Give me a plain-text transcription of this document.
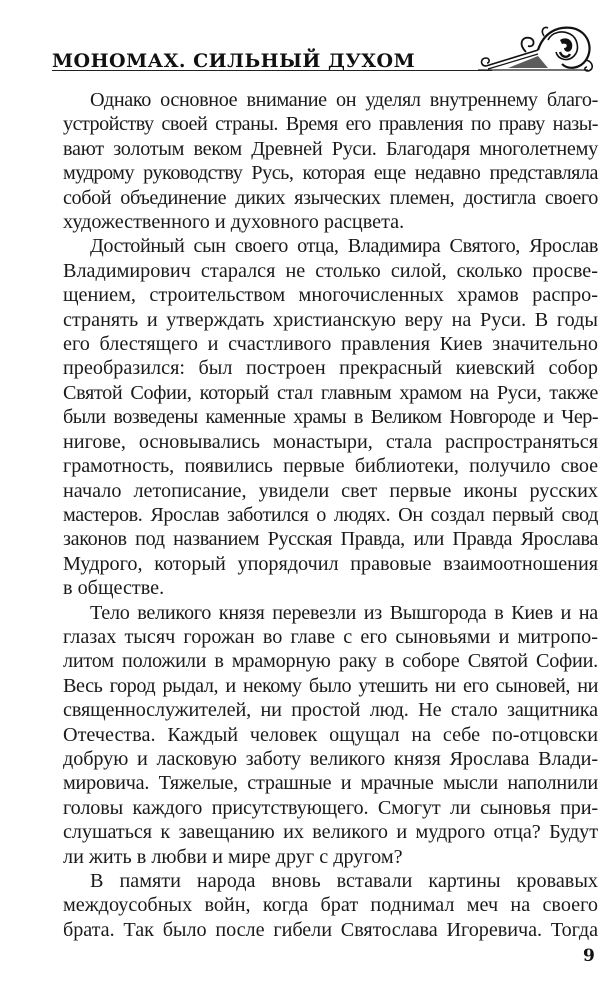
МОНОМАХ. СИЛЬНЫЙ ДУХОМ

Однако основное внимание он уделял внутреннему благо-
устройству своей страны. Время его правления по праву назы-
вают золотым веком Древней Руси. Благодаря многолетнему
мудрому руководству Русь, которая еще недавно представляла
собой объединение диких языческих племен, достигла своего
художественного и духовного расцвета.

Достойный сын своего отца, Владимира Святого, Ярослав
Владимирович старался не столько силой, сколько просве-
щением, строительством многочисленных храмов распро-
странять и утверждать христианскую веру на Руси. В годы
его блестящего и счастливого правления Киев значительно
преобразился: был построен прекрасный киевский собор
Святой Софии, который стал главным храмом на Руси, также
были возведены каменные храмы в Великом Новгороде и Чер-
нигове, основывались монастыри, стала распространяться
грамотность, появились первые библиотеки, получило свое
начало летописание, увидели свет первые иконы русских
мастеров. Ярослав заботился о людях. Он создал первый свод
законов под названием Русская Правда, или Правда Ярослава
Мудрого, который упорядочил правовые взаимоотношения
в обществе.

Тело великого князя перевезли из Вышгорода в Киев и на
глазах тысяч горожан во главе с его сыновьями и митропо-
литом положили в мраморную раку в соборе Святой Софии.
Весь город рыдал, и некому было утешить ни его сыновей, ни
священнослужителей, ни простой люд. Не стало защитника
Отечества. Каждый человек ощущал на себе по-отцовски
добрую и ласковую заботу великого князя Ярослава Влади-
мировича. Тяжелые, страшные и мрачные мысли наполнили
головы каждого присутствующего. Смогут ли сыновья при-
слушаться к завещанию их великого и мудрого отца? Будут
ли жить в любви и мире друг с другом?

В памяти народа вновь вставали картины кровавых
междоусобных войн, когда брат поднимал меч на своего
брата. Так было после гибели Святослава Игоревича. Тогда

9
